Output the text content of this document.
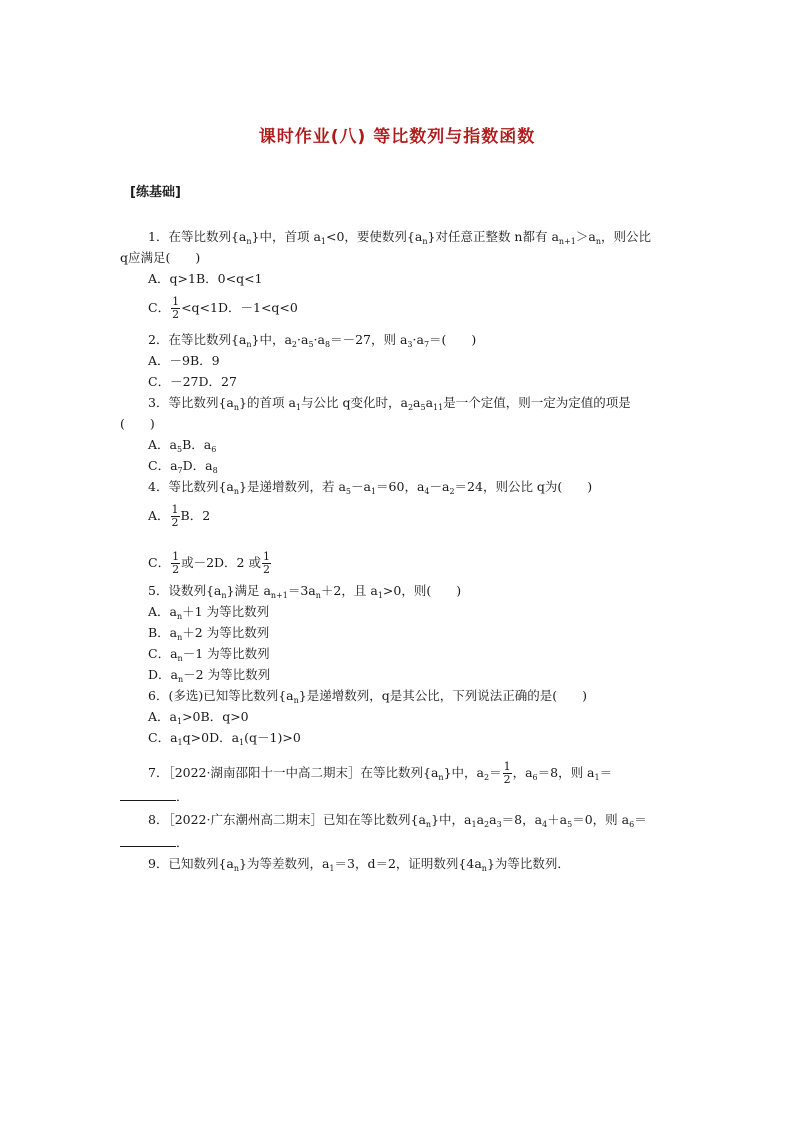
课时作业(八) 等比数列与指数函数
[练基础]
1．在等比数列$\{a_n\}$中，首项 $a_1<0$，要使数列$\{a_n\}$对任意正整数 n都有 $a_{n+1}>a_n$，则公比
q应满足(　　)
A．q>1B．0<q<1
C． $\frac{1}{2} <q<1D$．－1<q<0
2．在等比数列$\{a_n\}$中，$a_2\cdot a_5\cdot a_8=-27$，则 $a_3\cdot a_7=$(　　)
A．－9B．9
C．－27D．27
3．等比数列$\{a_n\}$的首项 $a_1$与公比 q变化时，$a_2a_5a_{11}$是一个定值，则一定为定值的项是
(　　)
A．$a_5B$．$a_6$
C．$a_7D$．$a_8$
4．等比数列$\{a_n\}$是递增数列，若 $a_5-a_1=60$，$a_4-a_2=24$，则公比 q为(　　)
A． $\frac{1}{2}$ B．2
C． $\frac{1}{2}$ 或－2D．2 或 $\frac{1}{2}$
5．设数列$\{a_n\}$满足 $a_{n+1}=3a_n+2$，且 $a_1>0$，则(　　)
A．$a_n+1$ 为等比数列
B．$a_n+2$ 为等比数列
C．$a_n-1$ 为等比数列
D．$a_n-2$ 为等比数列
6．(多选)已知等比数列$\{a_n\}$是递增数列，q是其公比，下列说法正确的是(　　)
A．$a_1>0B$．q>0
C．$a_1q>0D$．$a_1(q-1)>0$
7．［2022·湖南邵阳十一中高二期末］在等比数列$\{a_n\}$中，$a_2= \frac{1}{2}$ ，$a_6=8$，则 $a_1=$
．
8．［2022·广东潮州高二期末］已知在等比数列$\{a_n\}$中，$a_1a_2a_3=8$，$a_4+a_5=0$，则 $a_6=$
．
9．已知数列$\{a_n\}$为等差数列，$a_1=3$，d＝2，证明数列$\{4a_n\}$为等比数列．
